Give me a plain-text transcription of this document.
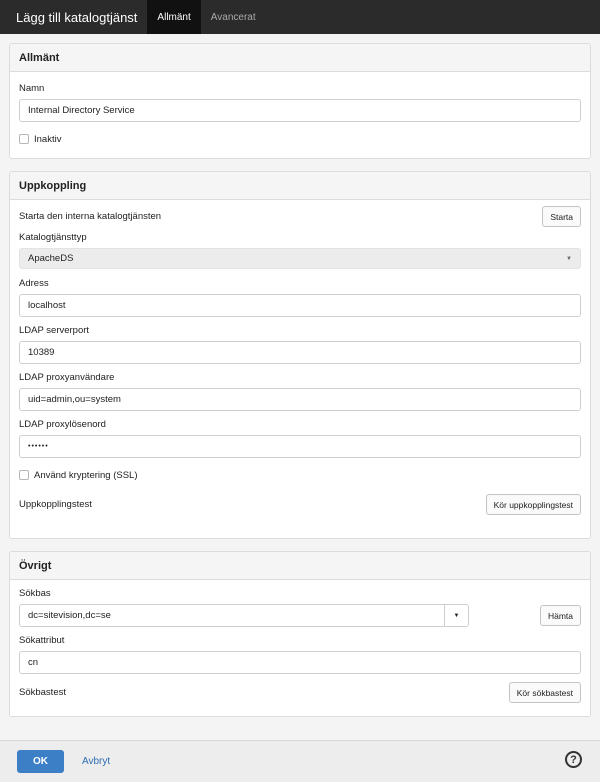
Lägg till katalogtjänst	Allmänt	Avancerat
Allmänt
Namn
Internal Directory Service
Inaktiv
Uppkoppling
Starta den interna katalogtjänsten	Starta
Katalogtjänsttyp
ApacheDS	▼
Adress
localhost
LDAP serverport
10389
LDAP proxyanvändare
uid=admin,ou=system
LDAP proxylösenord
••••••
Använd kryptering (SSL)
Uppkopplingstest	Kör uppkopplingstest
Övrigt
Sökbas
dc=sitevision,dc=se	▼	Hämta
Sökattribut
cn
Sökbastest	Kör sökbastest
OK	Avbryt	?
